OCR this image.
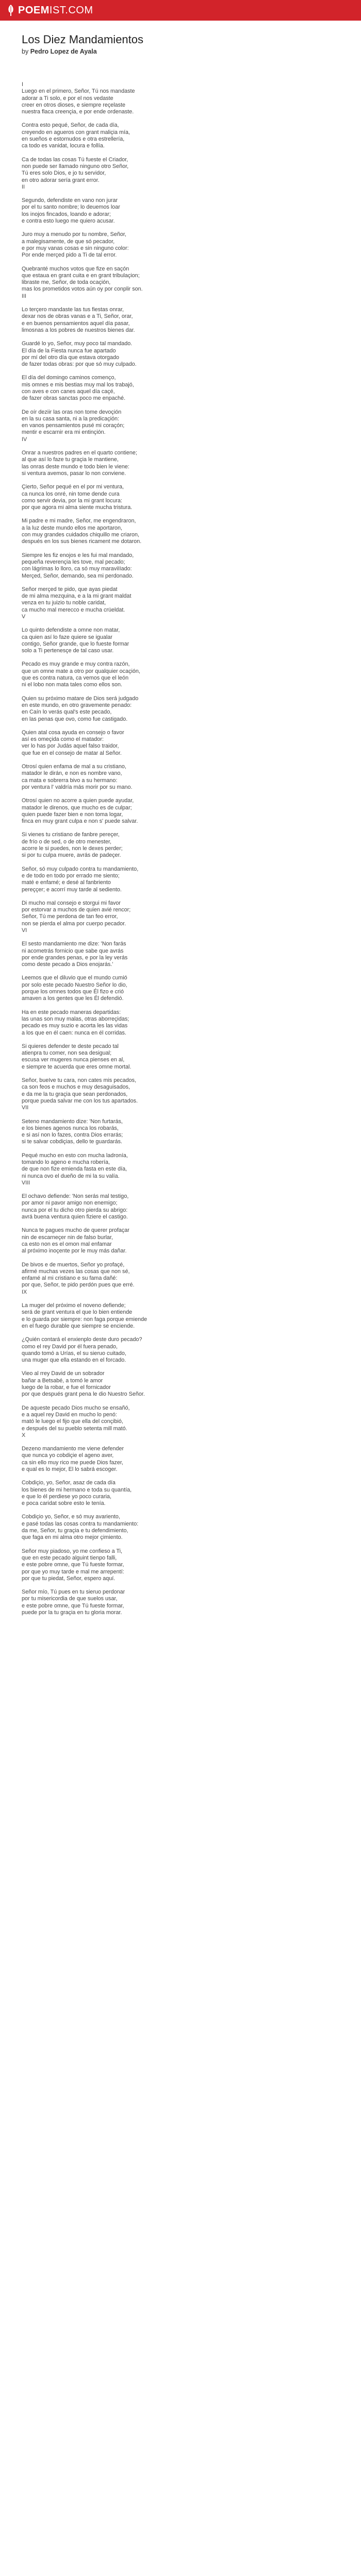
POEMIST.COM
Los Diez Mandamientos
by Pedro Lopez de Ayala
I
Luego en el primero, Señor, Tú nos mandaste
adorar a Ti solo, e por el nos vedaste
creer en otros dioses, e siempre reçelaste
nuestra flaca creençia, e por ende ordenaste.
Contra esto pequé, Señor, de cada día,
creyendo en agueros con grant maliçia mía,
en sueños e estornudos e otra estrellería,
ca todo es vanidat, locura e follía.
Ca de todas las cosas Tú fueste el Criador,
non puede ser llamado ninguno otro Señor,
Tú eres solo Dios, e jo tu servidor,
en otro adorar sería grant error.
II
Segundo, defendiste en vano non jurar
por el tu santo nombre; lo deuemos loar
los inojos fincados, loando e adorar;
e contra esto luego me quiero acusar.
Juro muy a menudo por tu nombre, Señor,
a malegisamente, de que só pecador,
e por muy vanas cosas e sin ninguno color:
Por ende merçed pido a Ti de tal error.
Quebranté muchos votos que fize en saçón
que estaua en grant cuita e en grant tribulaçion;
libraste me, Señor, de toda ocaçión,
mas los prometidos votos aún oy por conplir son.
III
Lo terçero mandaste las tus fiestas onrar,
dexar nos de obras vanas e a Ti, Señor, orar,
e en buenos pensamientos aquel día pasar,
limosnas a los pobres de nuestros bienes dar.
Guardé lo yo, Señor, muy poco tal mandado.
El día de la Fiesta nunca fue apartado
por mí del otro día que estava otorgado
de fazer todas obras: por que só muy culpado.
El día del domingo caminos començo,
mis omnes e mis bestias muy mal los trabajó,
con aves e con canes aquel día caçé,
de fazer obras sanctas poco me enpaché.
De oír deziir las oras non tome devoçión
en la su casa santa, ni a la predicaçión:
en vanos pensamientos pusé mi coraçón;
mentir e escarnir era mi entinçión.
IV
Onrar a nuestros padres en el quarto contiene;
al que así lo faze tu graçia le mantiene,
las onras deste mundo e todo bien le viene:
si ventura avemos, pasar lo non conviene.
Çierto, Señor pequé en el por mi ventura,
ca nunca los onré, nin tome dende cura
como servir devia, por la mi grant locura:
por que agora mi alma siente mucha tristura.
Mi padre e mi madre, Señor, me engendraron,
a la luz deste mundo ellos me aportaron,
con muy grandes cuidados chiquillo me criaron,
después en los sus bienes ricament me dotaron.
Siempre les fiz enojos e les fui mal mandado,
pequeña reverençia les tove, mal pecado;
con lágrimas lo lloro, ca só muy maraviIIado:
Merçed, Señor, demando, sea mi perdonado.
Señor merçed te pido, que ayas piedat
de mi alma mezquina, e a la mi grant maldat
venza en tu juizio tu noble caridat,
ca mucho mal merecco e mucha crüeldat.
V
Lo quinto defendiste a omne non matar,
ca quien así lo faze quiere se igualar
contigo, Señor grande, que lo fueste formar
solo a Ti pertenesçe de tal caso usar.
Pecado es muy grande e muy contra razón,
que un omne mate a otro por qualquier ocaçión,
que es contra natura, ca vemos que el león
ni el lobo non mata tales como ellos son.
Quien su próximo matare de Dios será judgado
en este mundo, en otro gravemente penado:
en Caín lo verás qual's este pecado,
en las penas que ovo, como fue castigado.
Quien atal cosa ayuda en consejo o favor
así es omeçida como el matador:
ver lo has por Judás aquel falso traidor,
que fue en el consejo de matar al Señor.
Otrosí quien enfama de mal a su cristiano,
matador le dirán, e non es nombre vano,
ca mata e sobrerra bivo a su hermano:
por ventura l' valdría más morir por su mano.
Otrosí quien no acorre a quien puede ayudar,
matador le direnos, que mucho es de culpar;
quien puede fazer bien e non toma logar,
finca en muy grant culpa e non s' puede salvar.
Si vienes tu cristiano de fanbre pereçer,
de frío o de sed, o de otro menester,
acorre le si puedes, non le dexes perder;
si por tu culpa muere, avrás de padeçer.
Señor, só muy culpado contra tu mandamiento,
e de todo en todo por errado me siento;
maté e enfamé; e desé al fanbriento
pereççer; e acorrí muy tarde al sediento.
Di mucho mal consejo e storgui mi favor
por estorvar a muchos de quien avié rencor;
Señor, Tú me perdona de tan feo error,
non se pierda el alma por cuerpo pecador.
VI
El sesto mandamiento me dize: 'Non farás
ni acometrás fornicio que sabe que avrás
por ende grandes penas, e por la ley verás
como deste pecado a Dios enojarás.'
Leemos que el diluvio que el mundo cumió
por solo este pecado Nuestro Señor lo dio,
porque los omnes todos que Él fizo e crió
amaven a los gentes que les Él defendió.
Ha en este pecado maneras departidas:
las unas son muy malas, otras aborreçidas;
pecado es muy suzio e acorta les las vidas
a los que en él caen: nunca en él corridas.
Si quieres defender te deste pecado tal
atienpra tu comer, non sea desigual;
escusa ver mugeres nunca pienses en al,
e siempre te acuerda que eres omne mortal.
Señor, bueIve tu cara, non cates mis pecados,
ca son feos e muchos e muy desaguisados,
e da me la tu graçia que sean perdonados,
porque pueda salvar me con los tus apartados.
VII
Seteno mandamiento dize: 'Non furtarás,
e los bienes agenos nunca los robarás,
e si así non lo fazes, contra Dios errarás;
si te salvar cobdiçias, dello te guardarás.
Pequé mucho en esto con mucha ladronía,
tomando lo ageno e mucha robería,
de que non fize emienda fasta en este día,
ni nunca ovo el dueño de mi la su valía.
VIII
El ochavo defiende: 'Non serás mal testigo,
por amor ni pavor amigo non enemigo;
nunca por el tu dicho otro pierda su abrigo:
avrá buena ventura quien fiziere el castigo.
Nunca te pagues mucho de querer profaçar
nin de escarneçer nin de falso burlar,
ca esto non es el omon mal enfamar
al próximo inoçente por le muy más dañar.
De bivos e de muertos, Señor yo profaçé,
afirmé muchas vezes las cosas que non sé,
enfamé al mi cristiano e su fama dañé:
por que, Señor, te pido perdón pues que erré.
IX
La muger del próximo el noveno defiende;
será de grant ventura el que lo bien entiende
e lo guarda por siempre: non faga porque emiende
en el fuego durable que siempre se enciende.
¿Quién contará el enxienplo deste duro pecado?
como el rey David por él fuera penado,
quando tomó a Urías, el su sieruo cuitado,
una muger que ella estando en el forcado.
Vieo al rrey David de un sobrador
bañar a Betsabé, a tomó le amor
luego de la robar, e fue el fornicador
por que después grant pena le dio Nuestro Señor.
De aqueste pecado Dios mucho se ensañó,
e a aquel rey David en mucho lo penó:
mató le luego el fijo que ella del conçibió,
e después del su pueblo setenta mill mató.
X
Dezeno mandamiento me viene defender
que nunca yo cobdiçie el ageno aver,
ca sin ello muy rico me puede Dios fazer,
e qual es lo mejor, El lo sabrá escoger.
Cobdiçio, yo, Señor, asaz de cada día
los bienes de mi hermano e toda su quantía,
e que lo él perdiese yo poco curaria,
e poca caridat sobre esto le tenía.
Cobdiçio yo, Señor, e só muy avariento,
e pasé todas las cosas contra tu mandamiento:
da me, Señor, tu graçia e tu defendimiento,
que faga en mi alma otro mejor çimiento.
Señor muy piadoso, yo me confieso a Ti,
que en este pecado alguint tienpo falli,
e este pobre omne, que Tú fueste formar,
por que yo muy tarde e mal me arrepentí:
por que tu piedat, Señor, espero aquí.
Señor mío, Tú pues en tu sieruo perdonar
por tu misericordia de que suelos usar,
e este pobre omne, que Tú fueste formar,
puede por la tu graçia en tu gloria morar.
